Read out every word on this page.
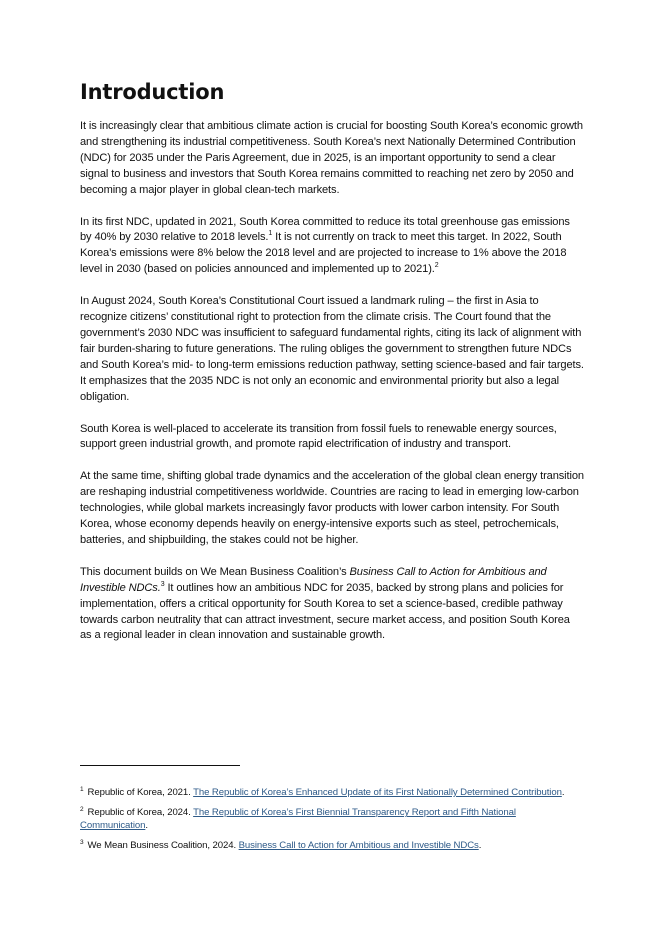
Introduction

It is increasingly clear that ambitious climate action is crucial for boosting South Korea’s economic growth and strengthening its industrial competitiveness. South Korea’s next Nationally Determined Contribution (NDC) for 2035 under the Paris Agreement, due in 2025, is an important opportunity to send a clear signal to business and investors that South Korea remains committed to reaching net zero by 2050 and becoming a major player in global clean-tech markets.

In its first NDC, updated in 2021, South Korea committed to reduce its total greenhouse gas emissions by 40% by 2030 relative to 2018 levels.$^1$ It is not currently on track to meet this target. In 2022, South Korea’s emissions were 8% below the 2018 level and are projected to increase to 1% above the 2018 level in 2030 (based on policies announced and implemented up to 2021).$^2$

In August 2024, South Korea’s Constitutional Court issued a landmark ruling – the first in Asia to recognize citizens’ constitutional right to protection from the climate crisis. The Court found that the government’s 2030 NDC was insufficient to safeguard fundamental rights, citing its lack of alignment with fair burden-sharing to future generations. The ruling obliges the government to strengthen future NDCs and South Korea’s mid- to long-term emissions reduction pathway, setting science-based and fair targets. It emphasizes that the 2035 NDC is not only an economic and environmental priority but also a legal obligation.

South Korea is well-placed to accelerate its transition from fossil fuels to renewable energy sources, support green industrial growth, and promote rapid electrification of industry and transport.

At the same time, shifting global trade dynamics and the acceleration of the global clean energy transition are reshaping industrial competitiveness worldwide. Countries are racing to lead in emerging low-carbon technologies, while global markets increasingly favor products with lower carbon intensity. For South Korea, whose economy depends heavily on energy-intensive exports such as steel, petrochemicals, batteries, and shipbuilding, the stakes could not be higher.

This document builds on We Mean Business Coalition’s Business Call to Action for Ambitious and Investible NDCs.$^3$ It outlines how an ambitious NDC for 2035, backed by strong plans and policies for implementation, offers a critical opportunity for South Korea to set a science-based, credible pathway towards carbon neutrality that can attract investment, secure market access, and position South Korea as a regional leader in clean innovation and sustainable growth.

$^1$ Republic of Korea, 2021. The Republic of Korea’s Enhanced Update of its First Nationally Determined Contribution.
$^2$ Republic of Korea, 2024. The Republic of Korea’s First Biennial Transparency Report and Fifth National Communication.
$^3$ We Mean Business Coalition, 2024. Business Call to Action for Ambitious and Investible NDCs.
